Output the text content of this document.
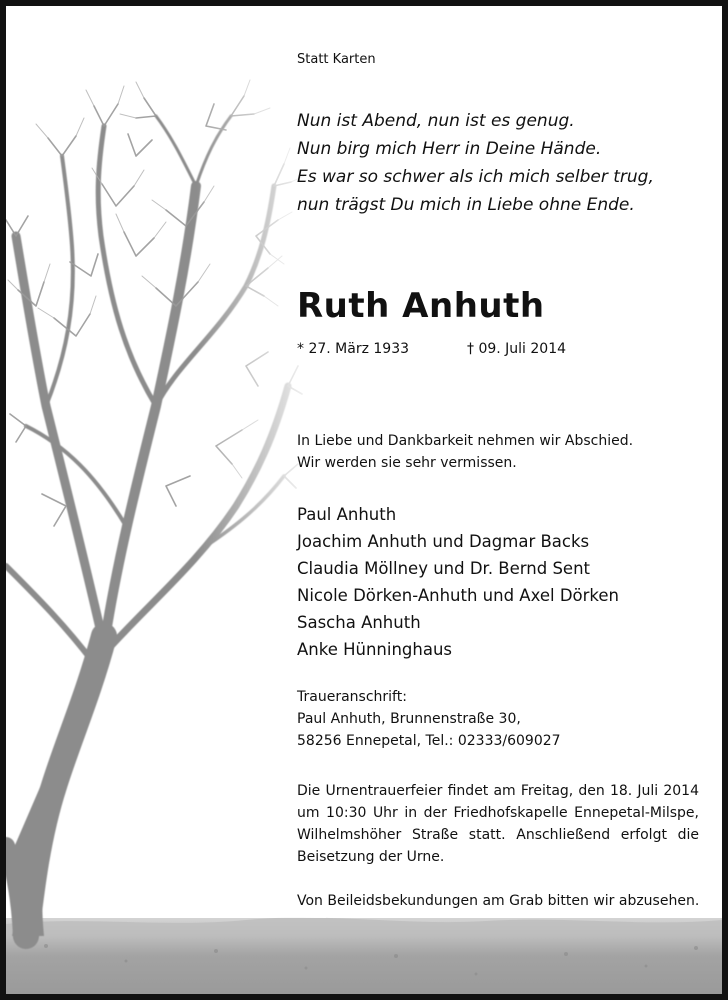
Statt Karten
Nun ist Abend, nun ist es genug.
Nun birg mich Herr in Deine Hände.
Es war so schwer als ich mich selber trug,
nun trägst Du mich in Liebe ohne Ende.
Ruth Anhuth
* 27. März 1933	† 09. Juli 2014
In Liebe und Dankbarkeit nehmen wir Abschied.
Wir werden sie sehr vermissen.
Paul Anhuth
Joachim Anhuth und Dagmar Backs
Claudia Möllney und Dr. Bernd Sent
Nicole Dörken-Anhuth und Axel Dörken
Sascha Anhuth
Anke Hünninghaus
Traueranschrift:
Paul Anhuth, Brunnenstraße 30,
58256 Ennepetal, Tel.: 02333/609027

Die Urnentrauerfeier findet am Freitag, den 18. Juli 2014

um 10:30 Uhr in der Friedhofskapelle Ennepetal-Milspe,

Wilhelmshöher Straße statt. Anschließend erfolgt die

Beisetzung der Urne.

Von Beileidsbekundungen am Grab bitten wir abzusehen.
